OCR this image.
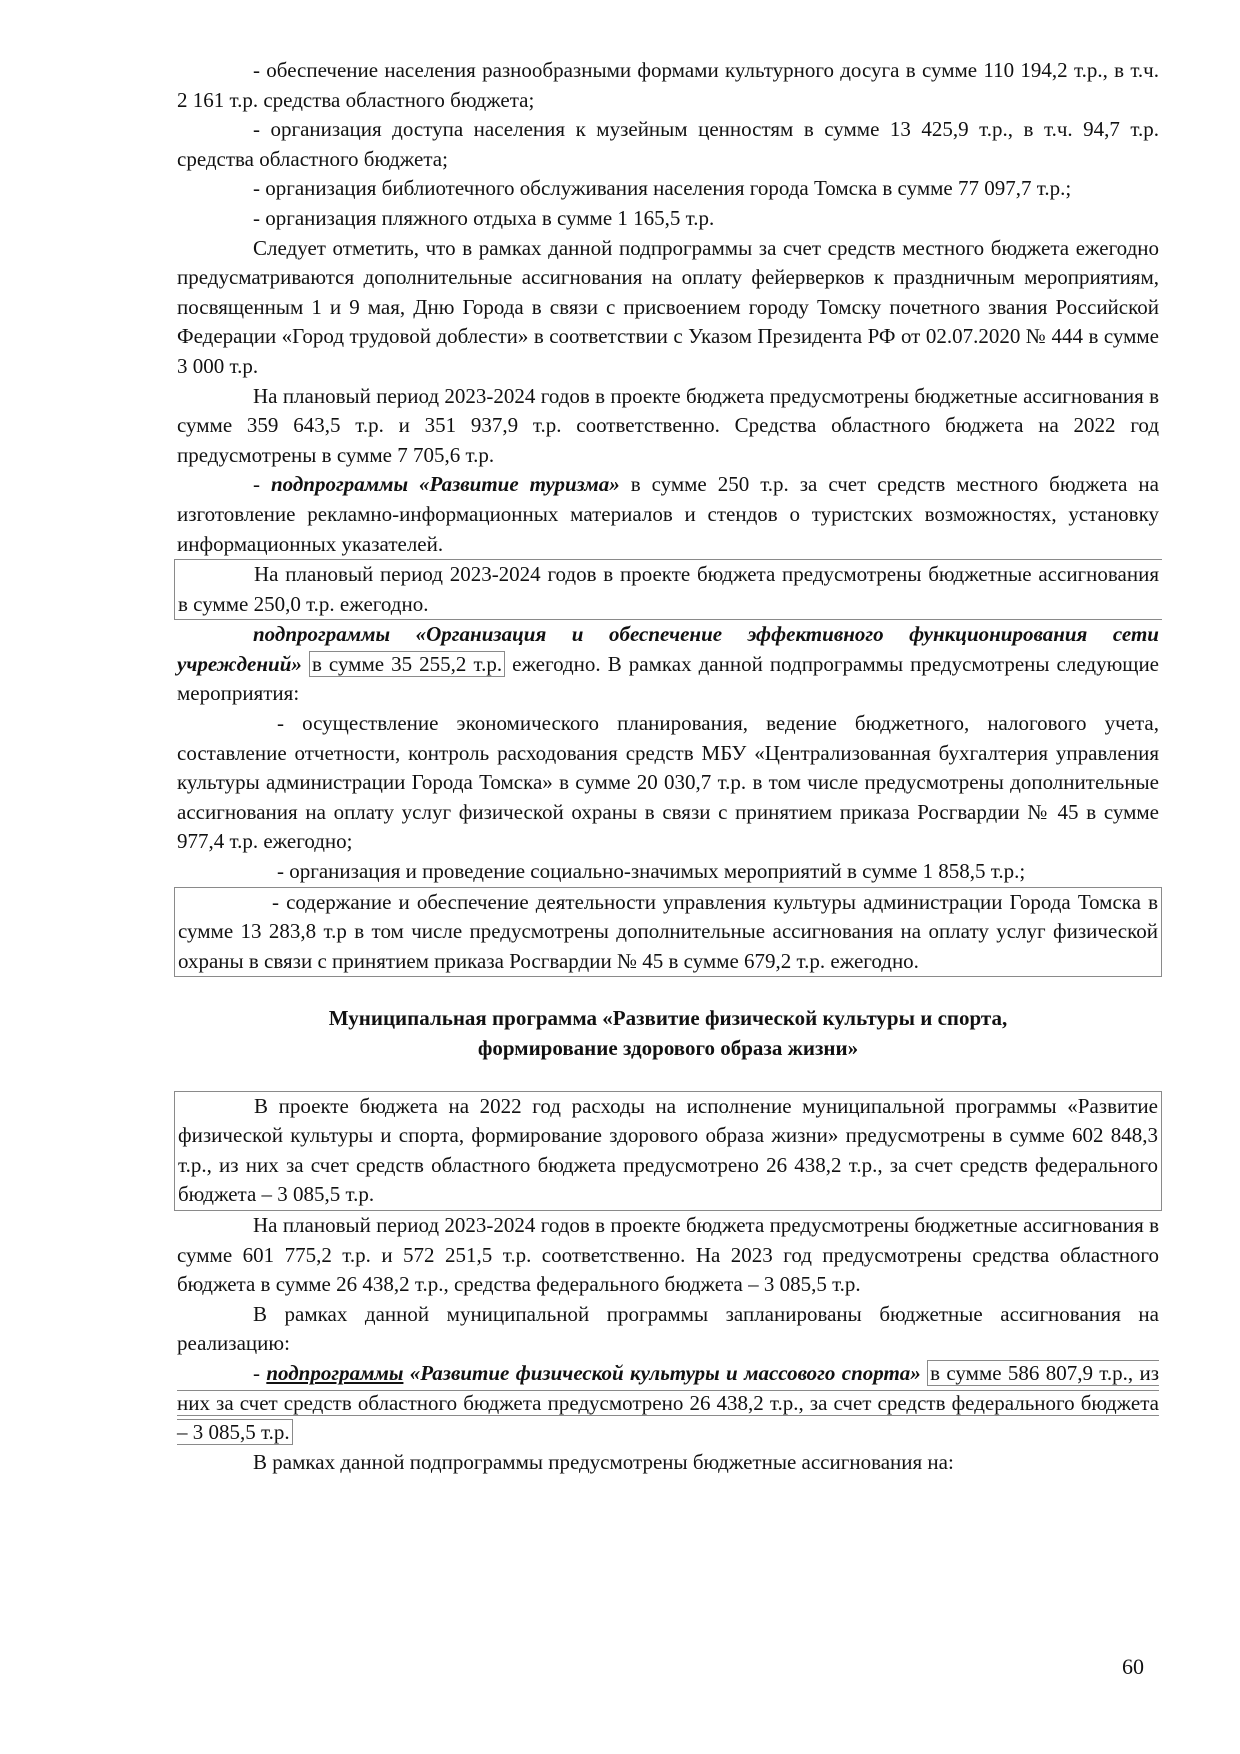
- обеспечение населения разнообразными формами культурного досуга в сумме 110 194,2 т.р., в т.ч. 2 161 т.р. средства областного бюджета;

- организация доступа населения к музейным ценностям в сумме 13 425,9 т.р., в т.ч. 94,7 т.р. средства областного бюджета;

- организация библиотечного обслуживания населения города Томска в сумме 77 097,7 т.р.;

- организация пляжного отдыха в сумме 1 165,5 т.р.

Следует отметить, что в рамках данной подпрограммы за счет средств местного бюджета ежегодно предусматриваются дополнительные ассигнования на оплату фейерверков к праздничным мероприятиям, посвященным 1 и 9 мая, Дню Города в связи с присвоением городу Томску почетного звания Российской Федерации «Город трудовой доблести» в соответствии с Указом Президента РФ от 02.07.2020 № 444 в сумме 3 000 т.р.

На плановый период 2023-2024 годов в проекте бюджета предусмотрены бюджетные ассигнования в сумме 359 643,5 т.р. и 351 937,9 т.р. соответственно. Средства областного бюджета на 2022 год предусмотрены в сумме 7 705,6 т.р.

- подпрограммы «Развитие туризма» в сумме 250 т.р. за счет средств местного бюджета на изготовление рекламно-информационных материалов и стендов о туристских возможностях, установку информационных указателей.

На плановый период 2023-2024 годов в проекте бюджета предусмотрены бюджетные ассигнования в сумме 250,0 т.р. ежегодно.

подпрограммы «Организация и обеспечение эффективного функционирования сети учреждений» в сумме 35 255,2 т.р. ежегодно. В рамках данной подпрограммы предусмотрены следующие мероприятия:

- осуществление экономического планирования, ведение бюджетного, налогового учета, составление отчетности, контроль расходования средств МБУ «Централизованная бухгалтерия управления культуры администрации Города Томска» в сумме 20 030,7 т.р. в том числе предусмотрены дополнительные ассигнования на оплату услуг физической охраны в связи с принятием приказа Росгвардии № 45 в сумме 977,4 т.р. ежегодно;

- организация и проведение социально-значимых мероприятий в сумме 1 858,5 т.р.;

- содержание и обеспечение деятельности управления культуры администрации Города Томска в сумме 13 283,8 т.р в том числе предусмотрены дополнительные ассигнования на оплату услуг физической охраны в связи с принятием приказа Росгвардии № 45 в сумме 679,2 т.р. ежегодно.

Муниципальная программа «Развитие физической культуры и спорта,
формирование здорового образа жизни»

В проекте бюджета на 2022 год расходы на исполнение муниципальной программы «Развитие физической культуры и спорта, формирование здорового образа жизни» предусмотрены в сумме 602 848,3 т.р., из них за счет средств областного бюджета предусмотрено 26 438,2 т.р., за счет средств федерального бюджета – 3 085,5 т.р.

На плановый период 2023-2024 годов в проекте бюджета предусмотрены бюджетные ассигнования в сумме 601 775,2 т.р. и 572 251,5 т.р. соответственно. На 2023 год предусмотрены средства областного бюджета в сумме 26 438,2 т.р., средства федерального бюджета – 3 085,5 т.р.

В рамках данной муниципальной программы запланированы бюджетные ассигнования на реализацию:

- подпрограммы «Развитие физической культуры и массового спорта» в сумме 586 807,9 т.р., из них за счет средств областного бюджета предусмотрено 26 438,2 т.р., за счет средств федерального бюджета – 3 085,5 т.р.

В рамках данной подпрограммы предусмотрены бюджетные ассигнования на:

60
